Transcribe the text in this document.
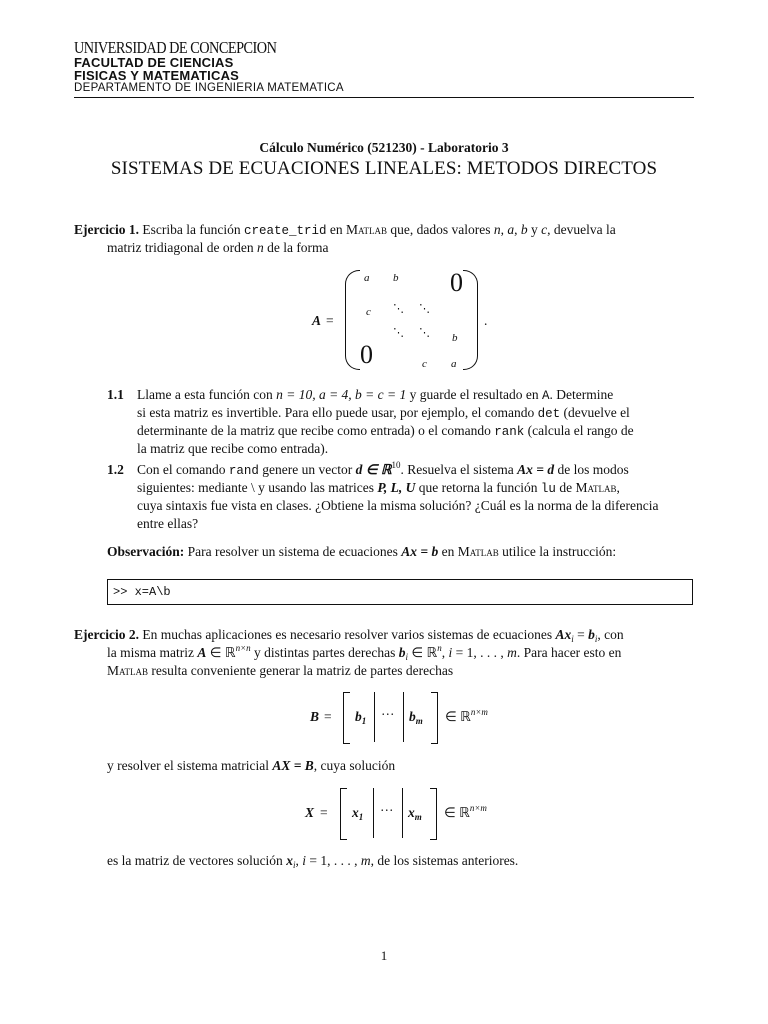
UNIVERSIDAD DE CONCEPCION
FACULTAD DE CIENCIAS
FISICAS Y MATEMATICAS
DEPARTAMENTO DE INGENIERIA MATEMATICA
Cálculo Numérico (521230) - Laboratorio 3
SISTEMAS DE ECUACIONES LINEALES: METODOS DIRECTOS
Ejercicio 1. Escriba la función create_trid en Matlab que, dados valores n, a, b y c, devuelva la
matriz tridiagonal de orden n de la forma
A =
a b 0
c ⋱ ⋱
⋱ ⋱ b
0	c a
.
1.1 Llame a esta función con n = 10, a = 4, b = c = 1 y guarde el resultado en A. Determine
si esta matriz es invertible. Para ello puede usar, por ejemplo, el comando det (devuelve el
determinante de la matriz que recibe como entrada) o el comando rank (calcula el rango de
la matriz que recibe como entrada).
1.2 Con el comando rand genere un vector d ∈ ℝ$^{10}$. Resuelva el sistema Ax = d de los modos
siguientes: mediante \ y usando las matrices P, L, U que retorna la función lu de Matlab,
cuya sintaxis fue vista en clases. ¿Obtiene la misma solución? ¿Cuál es la norma de la diferencia
entre ellas?
Observación: Para resolver un sistema de ecuaciones Ax = b en Matlab utilice la instrucción:
>> x=A\b
Ejercicio 2. En muchas aplicaciones es necesario resolver varios sistemas de ecuaciones $Ax_i = b_i$, con
la misma matriz A ∈ ℝ$^{n\times n}$ y distintas partes derechas $b_i$ ∈ ℝ$^n$, i = 1, . . . , m. Para hacer esto en
Matlab resulta conveniente generar la matriz de partes derechas
$B = b_1$ ··· $b_m$ ∈ ℝ$^{n\times m}$
y resolver el sistema matricial AX = B, cuya solución
$X = x_1$ ··· $x_m$ ∈ ℝ$^{n\times m}$
es la matriz de vectores solución $x_i$, i = 1, . . . , m, de los sistemas anteriores.
1
